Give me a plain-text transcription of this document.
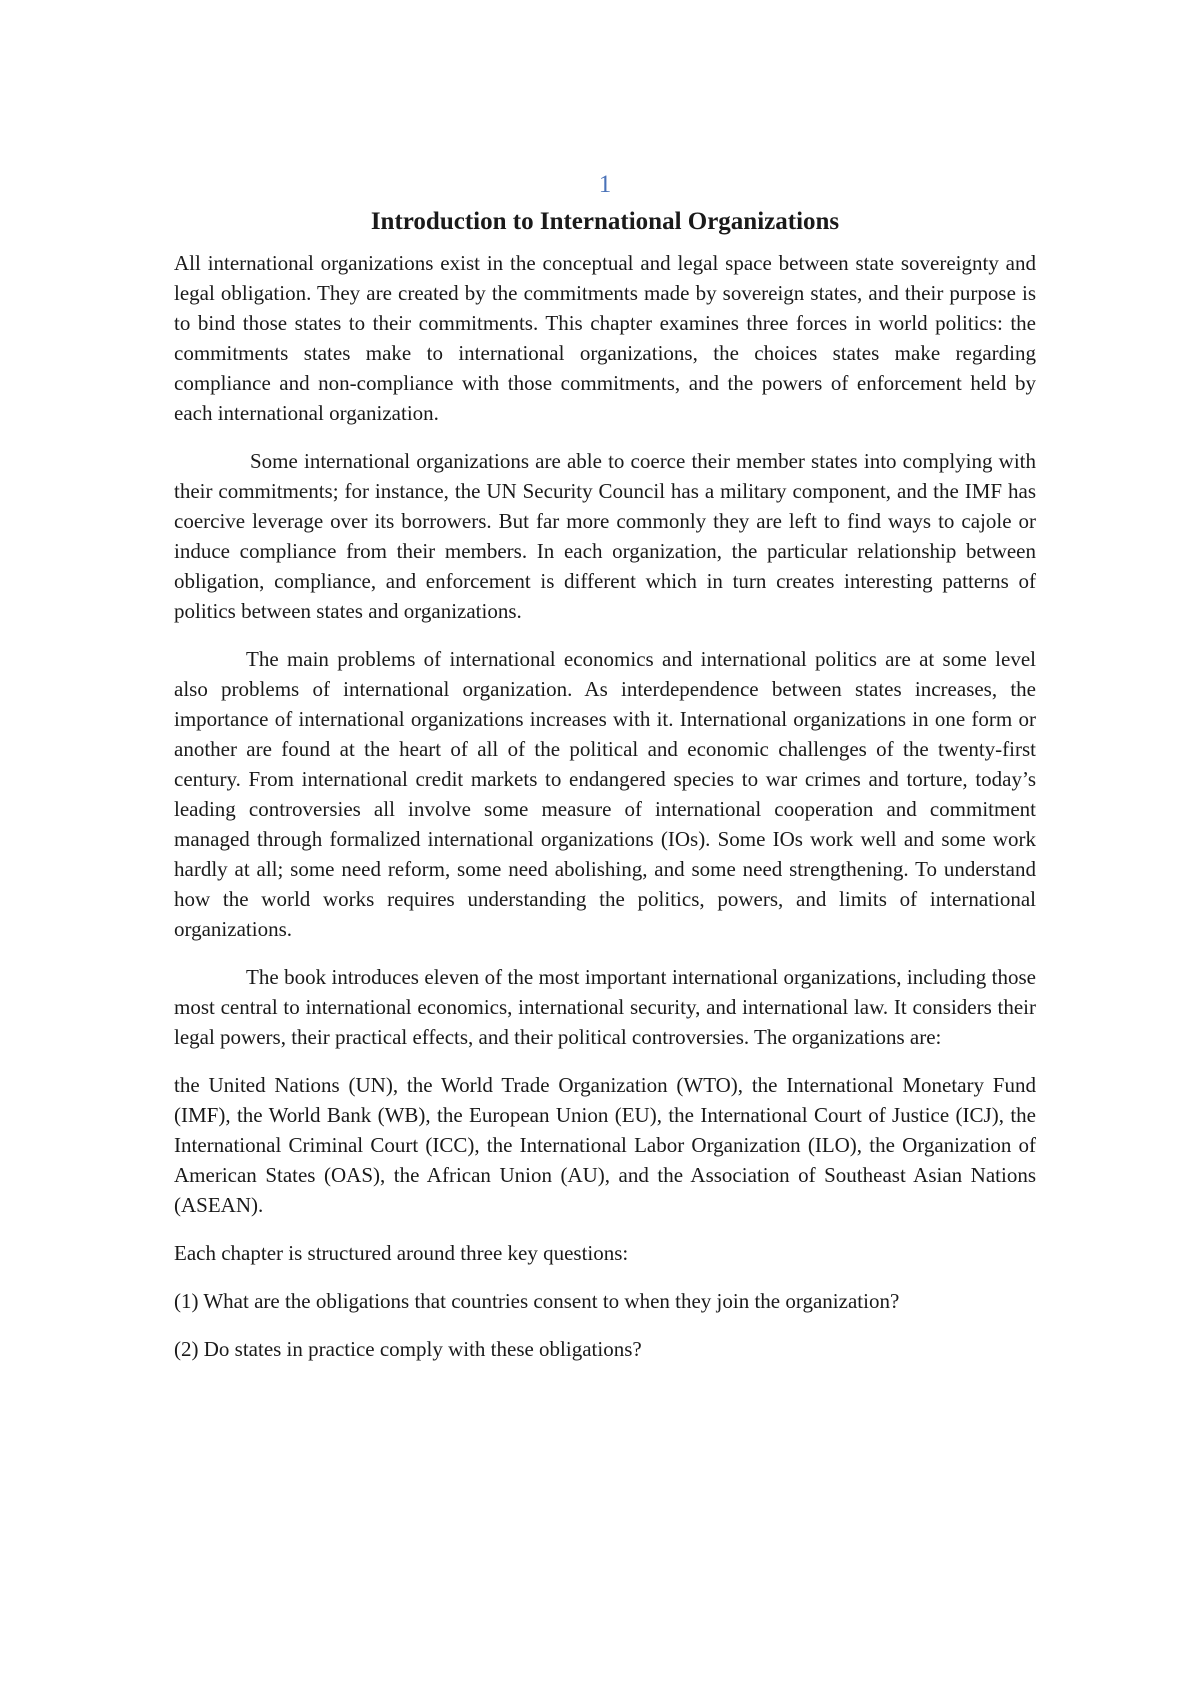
1
Introduction to International Organizations

All international organizations exist in the conceptual and legal space between state sovereignty and legal obligation. They are created by the commitments made by sovereign states, and their purpose is to bind those states to their commitments. This chapter examines three forces in world politics: the commitments states make to international organizations, the choices states make regarding compliance and non-compliance with those commitments, and the powers of enforcement held by each international organization.

Some international organizations are able to coerce their member states into complying with their commitments; for instance, the UN Security Council has a military component, and the IMF has coercive leverage over its borrowers. But far more commonly they are left to find ways to cajole or induce compliance from their members. In each organization, the particular relationship between obligation, compliance, and enforcement is different which in turn creates interesting patterns of politics between states and organizations.

The main problems of international economics and international politics are at some level also problems of international organization. As interdependence between states increases, the importance of international organizations increases with it. International organizations in one form or another are found at the heart of all of the political and economic challenges of the twenty-first century. From international credit markets to endangered species to war crimes and torture, today’s leading controversies all involve some measure of international cooperation and commitment managed through formalized international organizations (IOs). Some IOs work well and some work hardly at all; some need reform, some need abolishing, and some need strengthening. To understand how the world works requires understanding the politics, powers, and limits of international organizations.

The book introduces eleven of the most important international organizations, including those most central to international economics, international security, and international law. It considers their legal powers, their practical effects, and their political controversies. The organizations are:

the United Nations (UN), the World Trade Organization (WTO), the International Monetary Fund (IMF), the World Bank (WB), the European Union (EU), the International Court of Justice (ICJ), the International Criminal Court (ICC), the International Labor Organization (ILO), the Organization of American States (OAS), the African Union (AU), and the Association of Southeast Asian Nations (ASEAN).

Each chapter is structured around three key questions:

(1) What are the obligations that countries consent to when they join the organization?

(2) Do states in practice comply with these obligations?
